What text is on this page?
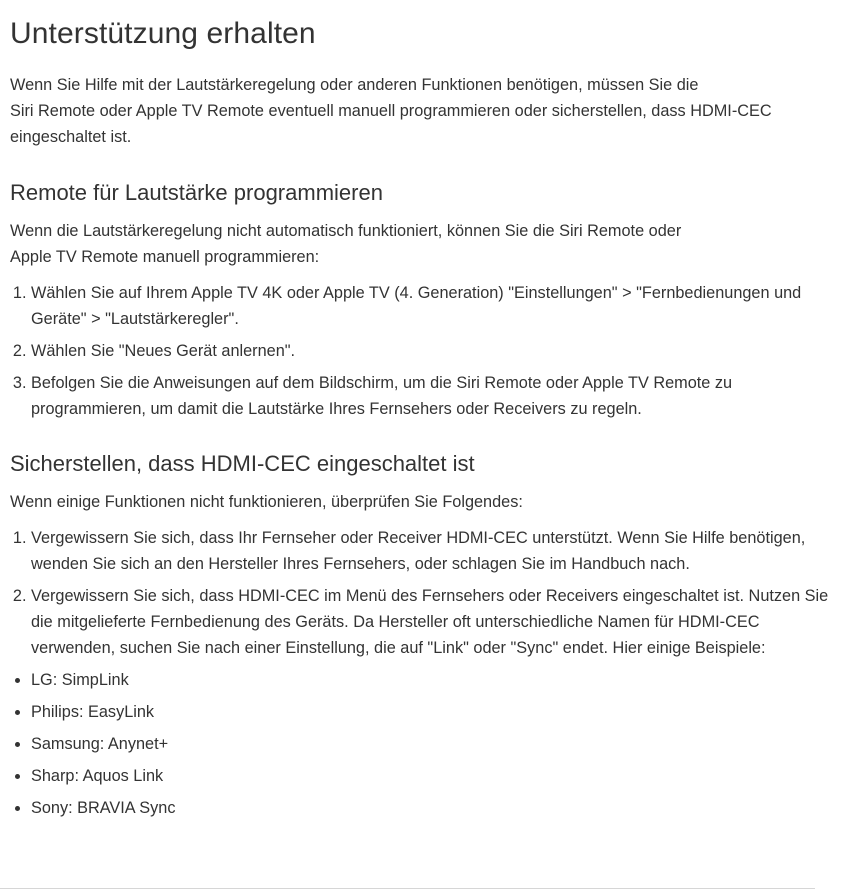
Unterstützung erhalten

Wenn Sie Hilfe mit der Lautstärkeregelung oder anderen Funktionen benötigen, müssen Sie die
Siri Remote oder Apple TV Remote eventuell manuell programmieren oder sicherstellen, dass HDMI-CEC eingeschaltet ist.

Remote für Lautstärke programmieren

Wenn die Lautstärkeregelung nicht automatisch funktioniert, können Sie die Siri Remote oder
Apple TV Remote manuell programmieren:

1. Wählen Sie auf Ihrem Apple TV 4K oder Apple TV (4. Generation) "Einstellungen" > "Fernbedienungen und Geräte" > "Lautstärkeregler".
2. Wählen Sie "Neues Gerät anlernen".
3. Befolgen Sie die Anweisungen auf dem Bildschirm, um die Siri Remote oder Apple TV Remote zu programmieren, um damit die Lautstärke Ihres Fernsehers oder Receivers zu regeln.
Sicherstellen, dass HDMI-CEC eingeschaltet ist

Wenn einige Funktionen nicht funktionieren, überprüfen Sie Folgendes:

1. Vergewissern Sie sich, dass Ihr Fernseher oder Receiver HDMI-CEC unterstützt. Wenn Sie Hilfe benötigen, wenden Sie sich an den Hersteller Ihres Fernsehers, oder schlagen Sie im Handbuch nach.
2. Vergewissern Sie sich, dass HDMI-CEC im Menü des Fernsehers oder Receivers eingeschaltet ist. Nutzen Sie die mitgelieferte Fernbedienung des Geräts. Da Hersteller oft unterschiedliche Namen für HDMI-CEC verwenden, suchen Sie nach einer Einstellung, die auf "Link" oder "Sync" endet. Hier einige Beispiele:
• LG: SimpLink
• Philips: EasyLink
• Samsung: Anynet+
• Sharp: Aquos Link
• Sony: BRAVIA Sync
